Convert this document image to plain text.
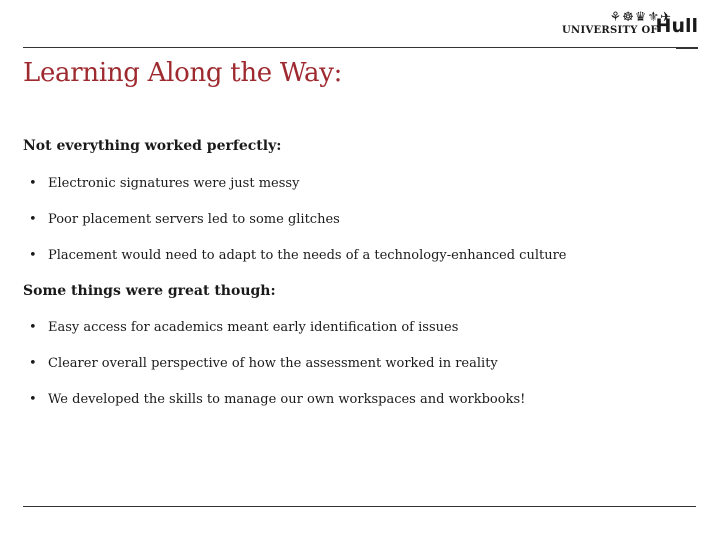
⚘☸♛⚜✈
UNIVERSITY OF
Hull
Learning Along the Way:

Not everything worked perfectly:

• Electronic signatures were just messy

• Poor placement servers led to some glitches

• Placement would need to adapt to the needs of a technology-enhanced culture

Some things were great though:

• Easy access for academics meant early identification of issues

• Clearer overall perspective of how the assessment worked in reality

• We developed the skills to manage our own workspaces and workbooks!
